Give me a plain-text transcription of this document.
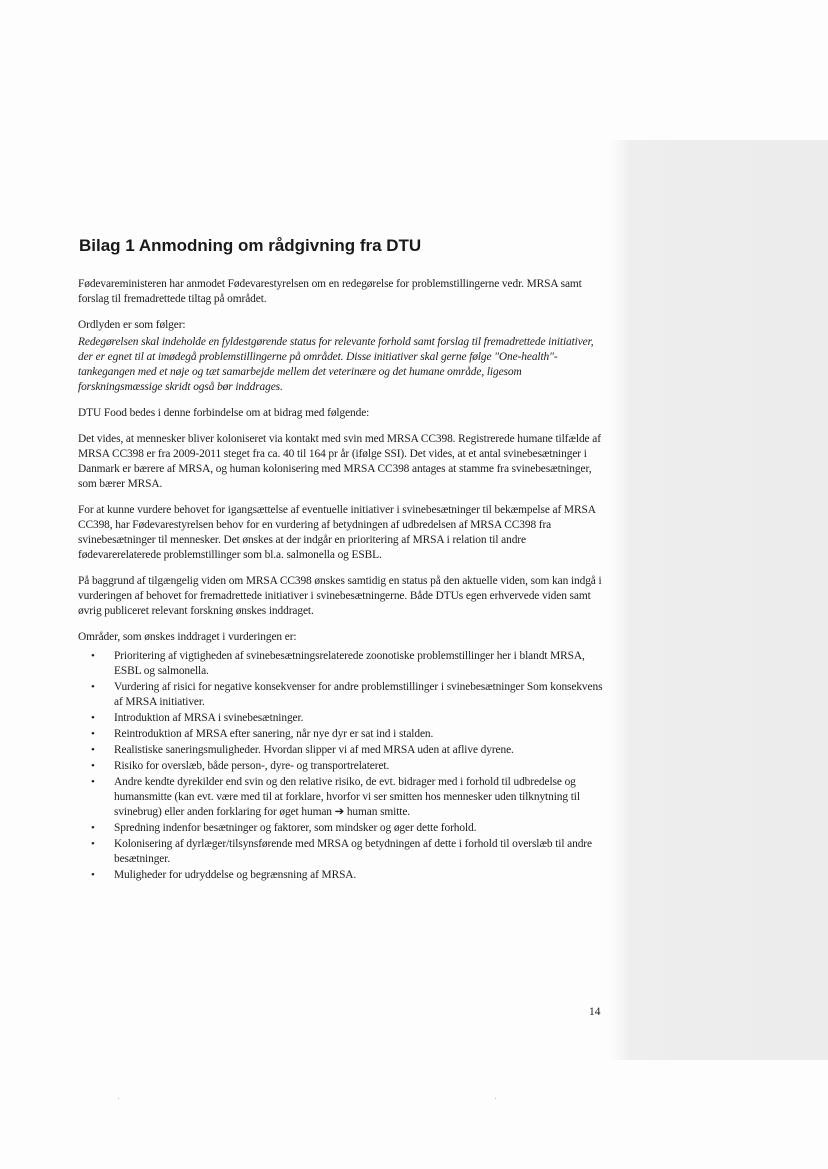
Bilag 1 Anmodning om rådgivning fra DTU

Fødevareministeren har anmodet Fødevarestyrelsen om en redegørelse for problemstillingerne vedr. MRSA samt forslag til fremadrettede tiltag på området.

Ordlyden er som følger:

Redegørelsen skal indeholde en fyldestgørende status for relevante forhold samt forslag til fremadrettede initiativer, der er egnet til at imødegå problemstillingerne på området. Disse initiativer skal gerne følge "One-health"-tankegangen med et nøje og tæt samarbejde mellem det veterinære og det humane område, ligesom forskningsmæssige skridt også bør inddrages.

DTU Food bedes i denne forbindelse om at bidrag med følgende:

Det vides, at mennesker bliver koloniseret via kontakt med svin med MRSA CC398. Registrerede humane tilfælde af MRSA CC398 er fra 2009-2011 steget fra ca. 40 til 164 pr år (ifølge SSI). Det vides, at et antal svinebesætninger i Danmark er bærere af MRSA, og human kolonisering med MRSA CC398 antages at stamme fra svinebesætninger, som bærer MRSA.

For at kunne vurdere behovet for igangsættelse af eventuelle initiativer i svinebesætninger til bekæmpelse af MRSA CC398, har Fødevarestyrelsen behov for en vurdering af betydningen af udbredelsen af MRSA CC398 fra svinebesætninger til mennesker. Det ønskes at der indgår en prioritering af MRSA i relation til andre fødevarerelaterede problemstillinger som bl.a. salmonella og ESBL.

På baggrund af tilgængelig viden om MRSA CC398 ønskes samtidig en status på den aktuelle viden, som kan indgå i vurderingen af behovet for fremadrettede initiativer i svinebesætningerne. Både DTUs egen erhvervede viden samt øvrig publiceret relevant forskning ønskes inddraget.

Områder, som ønskes inddraget i vurderingen er:

• Prioritering af vigtigheden af svinebesætningsrelaterede zoonotiske problemstillinger her i blandt MRSA, ESBL og salmonella.
• Vurdering af risici for negative konsekvenser for andre problemstillinger i svinebesætninger Som konsekvens af MRSA initiativer.
• Introduktion af MRSA i svinebesætninger.
• Reintroduktion af MRSA efter sanering, når nye dyr er sat ind i stalden.
• Realistiske saneringsmuligheder. Hvordan slipper vi af med MRSA uden at aflive dyrene.
• Risiko for overslæb, både person-, dyre- og transportrelateret.
• Andre kendte dyrekilder end svin og den relative risiko, de evt. bidrager med i forhold til udbredelse og humansmitte (kan evt. være med til at forklare, hvorfor vi ser smitten hos mennesker uden tilknytning til svinebrug) eller anden forklaring for øget human ➔ human smitte.
• Spredning indenfor besætninger og faktorer, som mindsker og øger dette forhold.
• Kolonisering af dyrlæger/tilsynsførende med MRSA og betydningen af dette i forhold til overslæb til andre besætninger.
• Muligheder for udryddelse og begrænsning af MRSA.
14
